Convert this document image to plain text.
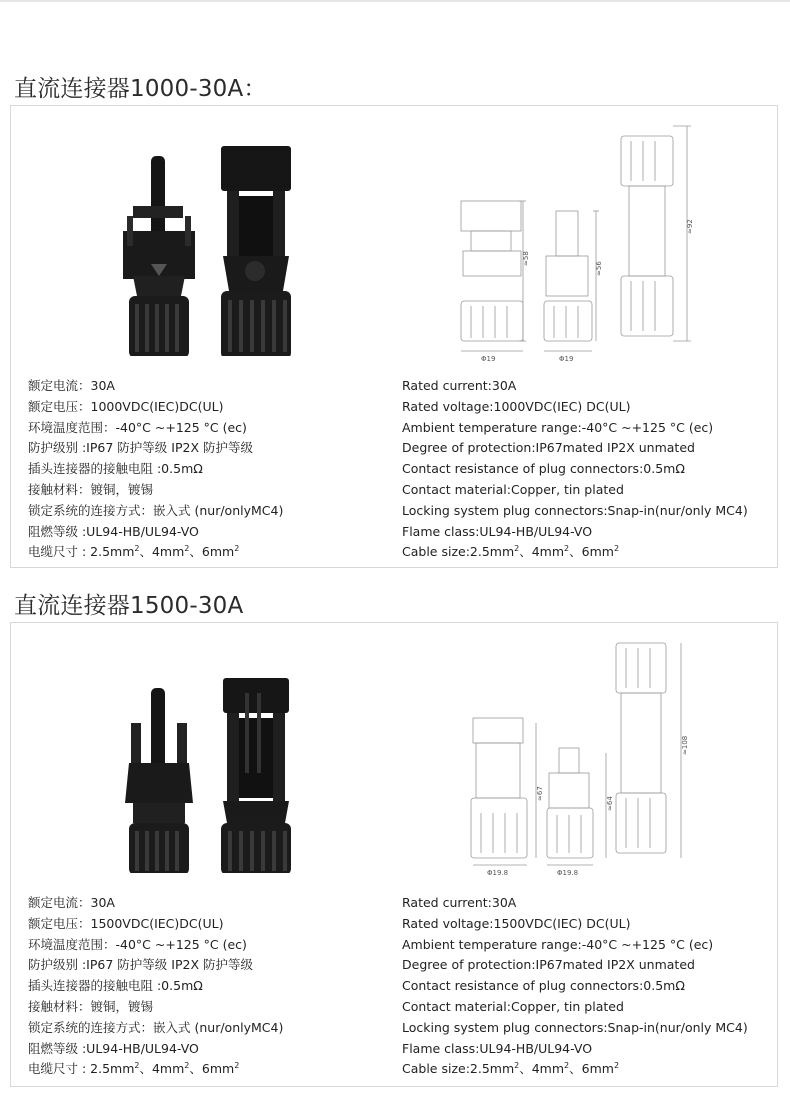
直流连接器1000-30A：
≈58
≈56
≈92
Φ19	Φ19
额定电流：30A
额定电压：1000VDC(IEC)DC(UL)
环境温度范围：-40°C ~+125 °C (ec)
防护级别 :IP67 防护等级 IP2X 防护等级
插头连接器的接触电阻 :0.5mΩ
接触材料：镀铜，镀锡
锁定系统的连接方式：嵌入式 (nur/onlyMC4)
阻燃等级 :UL94-HB/UL94-VO
电缆尺寸 : $2.5mm^2$、$4mm^2$、$6mm^2$
Rated current:30A
Rated voltage:1000VDC(IEC) DC(UL)
Ambient temperature range:-40°C ~+125 °C (ec)
Degree of protection:IP67mated IP2X unmated
Contact resistance of plug connectors:0.5mΩ
Contact material:Copper, tin plated
Locking system plug connectors:Snap-in(nur/only MC4)
Flame class:UL94-HB/UL94-VO
Cable $size:2.5mm^2$、$4mm^2$、$6mm^2$
直流连接器1500-30A
≈67
≈64
≈108
Φ19.8	Φ19.8
额定电流：30A
额定电压：1500VDC(IEC)DC(UL)
环境温度范围：-40°C ~+125 °C (ec)
防护级别 :IP67 防护等级 IP2X 防护等级
插头连接器的接触电阻 :0.5mΩ
接触材料：镀铜，镀锡
锁定系统的连接方式：嵌入式 (nur/onlyMC4)
阻燃等级 :UL94-HB/UL94-VO
电缆尺寸 : $2.5mm^2$、$4mm^2$、$6mm^2$
Rated current:30A
Rated voltage:1500VDC(IEC) DC(UL)
Ambient temperature range:-40°C ~+125 °C (ec)
Degree of protection:IP67mated IP2X unmated
Contact resistance of plug connectors:0.5mΩ
Contact material:Copper, tin plated
Locking system plug connectors:Snap-in(nur/only MC4)
Flame class:UL94-HB/UL94-VO
Cable $size:2.5mm^2$、$4mm^2$、$6mm^2$
